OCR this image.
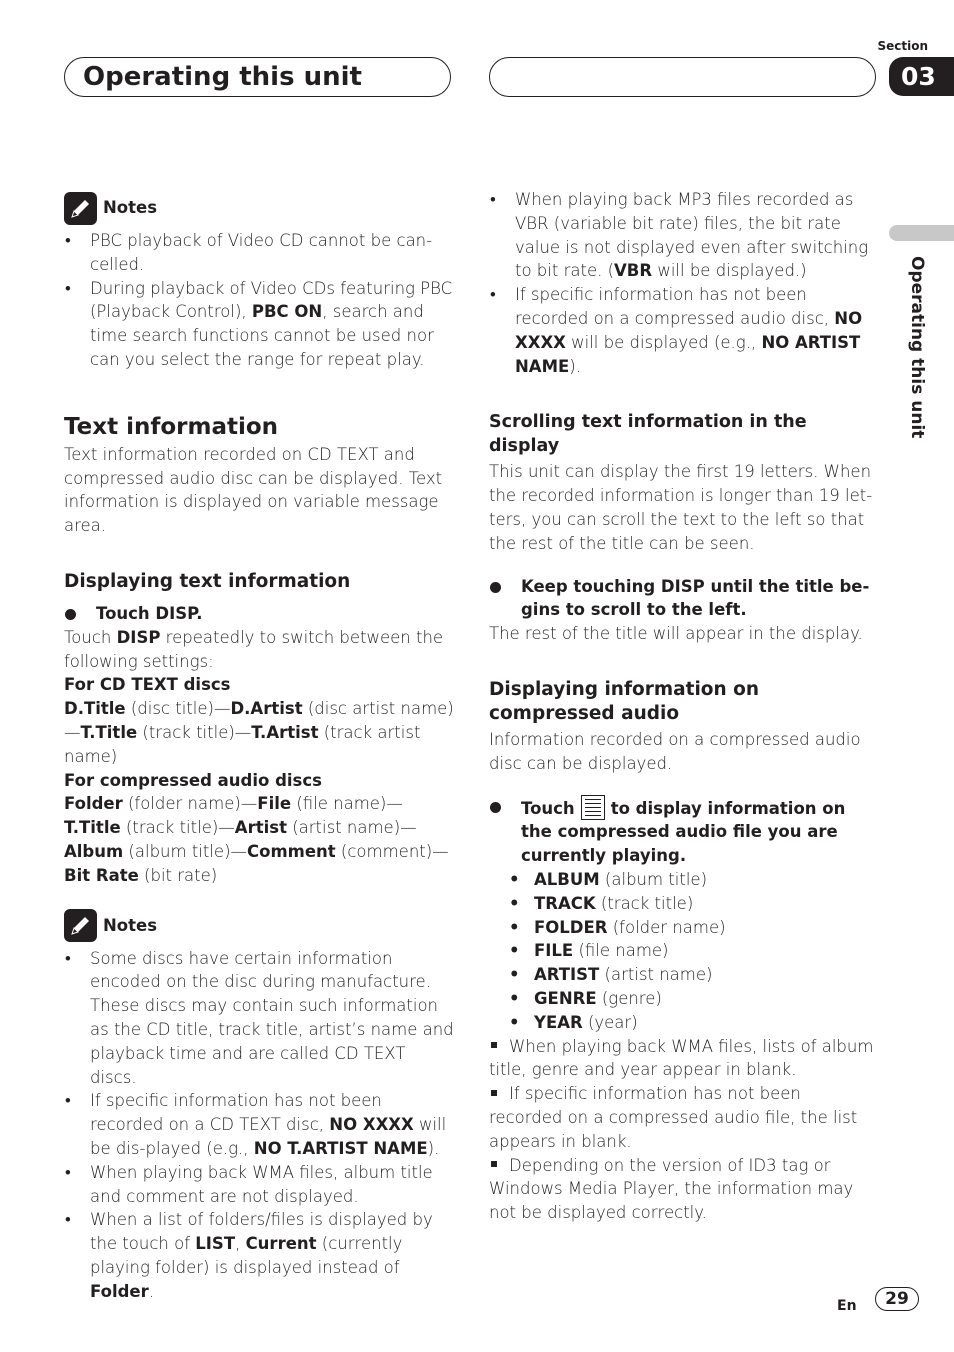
Operating this unit
Section
03
Operating this unit
Notes
• PBC playback of Video CD cannot be can-celled.
• During playback of Video CDs featuring PBC (Playback Control), PBC ON, search and time search functions cannot be used nor can you select the range for repeat play.
Text information

Text information recorded on CD TEXT and compressed audio disc can be displayed. Text information is displayed on variable message area.

Displaying text information

Touch DISP.

Touch DISP repeatedly to switch between the following settings:

For CD TEXT discs

D.Title (disc title)—D.Artist (disc artist name) —T.Title (track title)—T.Artist (track artist name)

For compressed audio discs

Folder (folder name)—File (file name)— T.Title (track title)—Artist (artist name)— Album (album title)—Comment (comment)— Bit Rate (bit rate)

Notes
• Some discs have certain information encoded on the disc during manufacture. These discs may contain such information as the CD title, track title, artist’s name and playback time and are called CD TEXT discs.
• If specific information has not been recorded on a CD TEXT disc, NO XXXX will be dis-played (e.g., NO T.ARTIST NAME).
• When playing back WMA files, album title and comment are not displayed.
• When a list of folders/files is displayed by the touch of LIST, Current (currently playing folder) is displayed instead of Folder.
• When playing back MP3 files recorded as VBR (variable bit rate) files, the bit rate value is not displayed even after switching to bit rate. (VBR will be displayed.)
• If specific information has not been recorded on a compressed audio disc, NO XXXX will be displayed (e.g., NO ARTIST NAME).
Scrolling text information in the display

This unit can display the first 19 letters. When the recorded information is longer than 19 let-ters, you can scroll the text to the left so that the rest of the title can be seen.

Keep touching DISP until the title be-gins to scroll to the left.

The rest of the title will appear in the display.

Displaying information on compressed audio

Information recorded on a compressed audio disc can be displayed.

Touch to display information on the compressed audio file you are currently playing.

• ALBUM (album title)
• TRACK (track title)
• FOLDER (folder name)
• FILE (file name)
• ARTIST (artist name)
• GENRE (genre)
• YEAR (year)

When playing back WMA files, lists of album title, genre and year appear in blank.

If specific information has not been recorded on a compressed audio file, the list appears in blank.

Depending on the version of ID3 tag or Windows Media Player, the information may not be displayed correctly.

En	29
